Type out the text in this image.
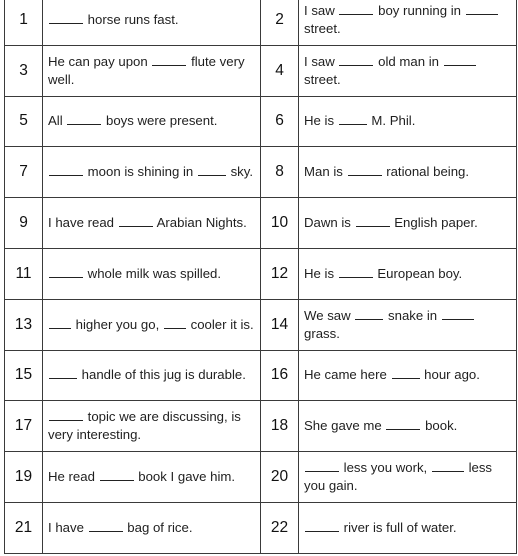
1	horse runs fast.	2	I saw boy running in  street.
3	He can pay upon flute very well.	4	I saw old man in  street.
5	All boys were present.	6	He is M. Phil.
7	moon is shining in sky.	8	Man is rational being.
9	I have read Arabian Nights.	10	Dawn is English paper.
11	whole milk was spilled.	12	He is European boy.
13	higher you go, cooler it is.	14	We saw snake in  grass.
15	handle of this jug is durable.	16	He came here hour ago.
17	topic we are discussing, is very interesting.	18	She gave me book.
19	He read book I gave him.	20	less you work, less you gain.
21	I have bag of rice.	22	river is full of water.
